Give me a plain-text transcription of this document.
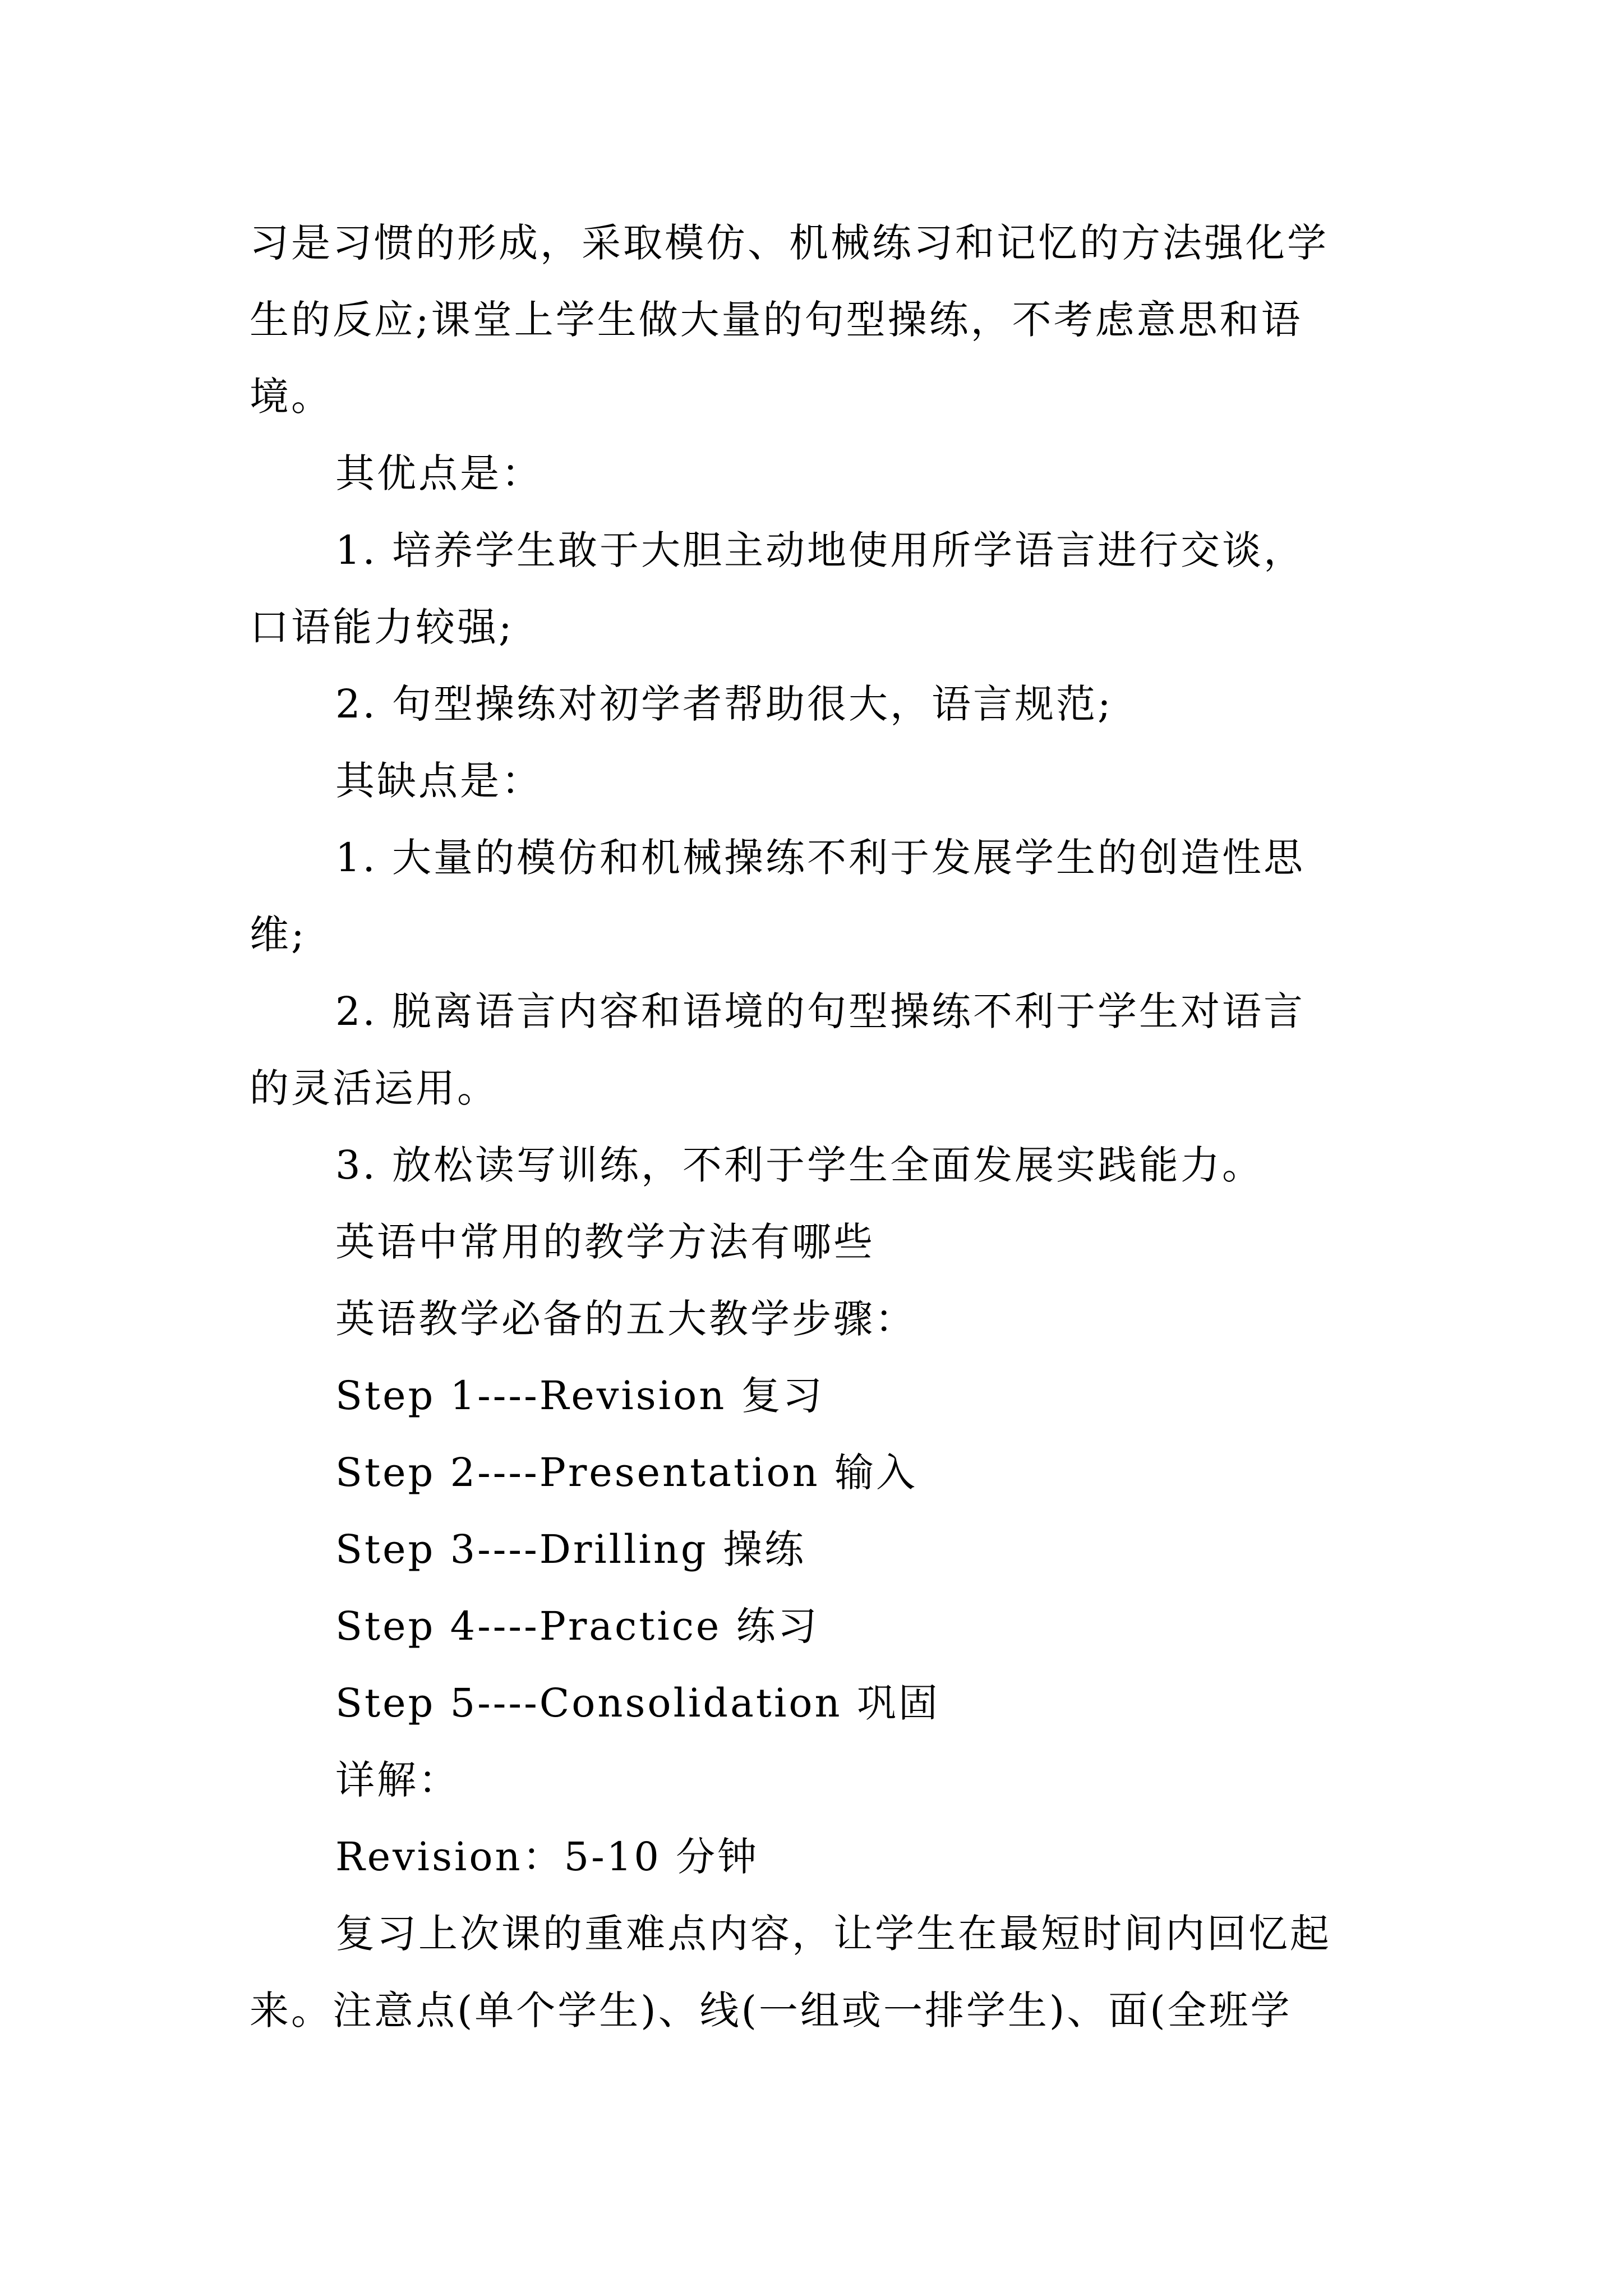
习是习惯的形成，采取模仿、机械练习和记忆的方法强化学
生的反应;课堂上学生做大量的句型操练，不考虑意思和语
境。
其优点是：
1. 培养学生敢于大胆主动地使用所学语言进行交谈，
口语能力较强;
2. 句型操练对初学者帮助很大，语言规范;
其缺点是：
1. 大量的模仿和机械操练不利于发展学生的创造性思
维;
2. 脱离语言内容和语境的句型操练不利于学生对语言
的灵活运用。
3. 放松读写训练，不利于学生全面发展实践能力。
英语中常用的教学方法有哪些
英语教学必备的五大教学步骤：
Step 1----Revision 复习
Step 2----Presentation 输入
Step 3----Drilling 操练
Step 4----Practice 练习
Step 5----Consolidation 巩固
详解：
Revision：5-10 分钟
复习上次课的重难点内容，让学生在最短时间内回忆起
来。注意点(单个学生)、线(一组或一排学生)、面(全班学
